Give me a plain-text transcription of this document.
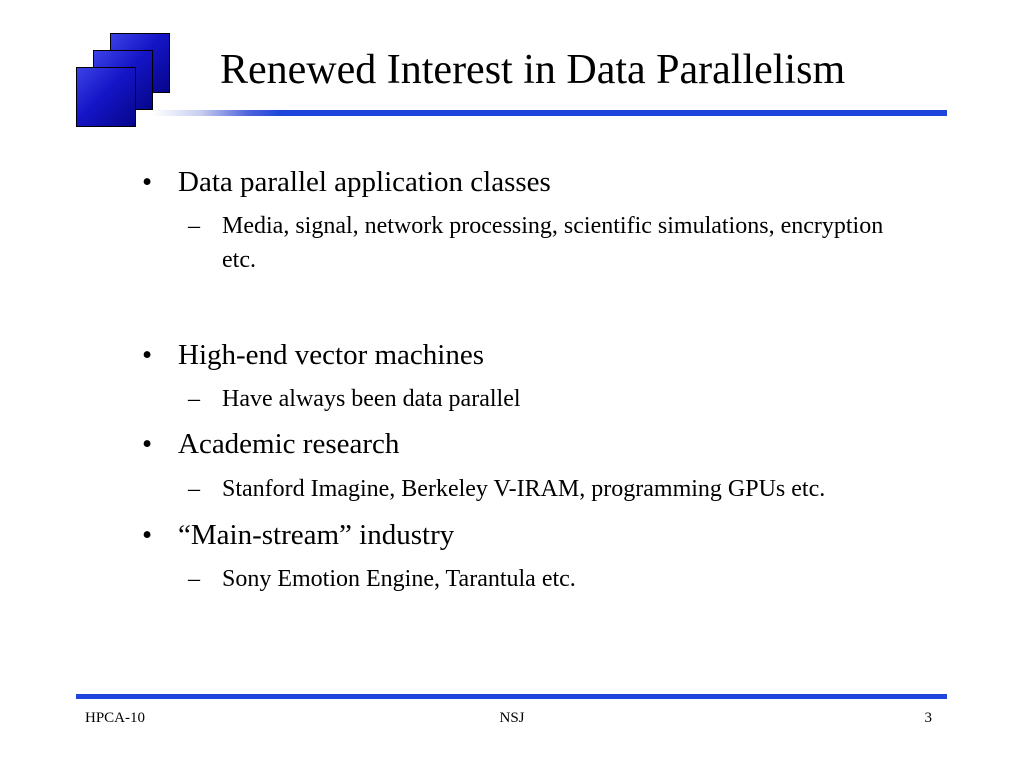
Renewed Interest in Data Parallelism
• Data parallel application classes
– Media, signal, network processing, scientific simulations, encryption etc.
• High-end vector machines
– Have always been data parallel
• Academic research
– Stanford Imagine, Berkeley V-IRAM, programming GPUs etc.
• “Main-stream” industry
– Sony Emotion Engine, Tarantula etc.
HPCA-10	NSJ	3
